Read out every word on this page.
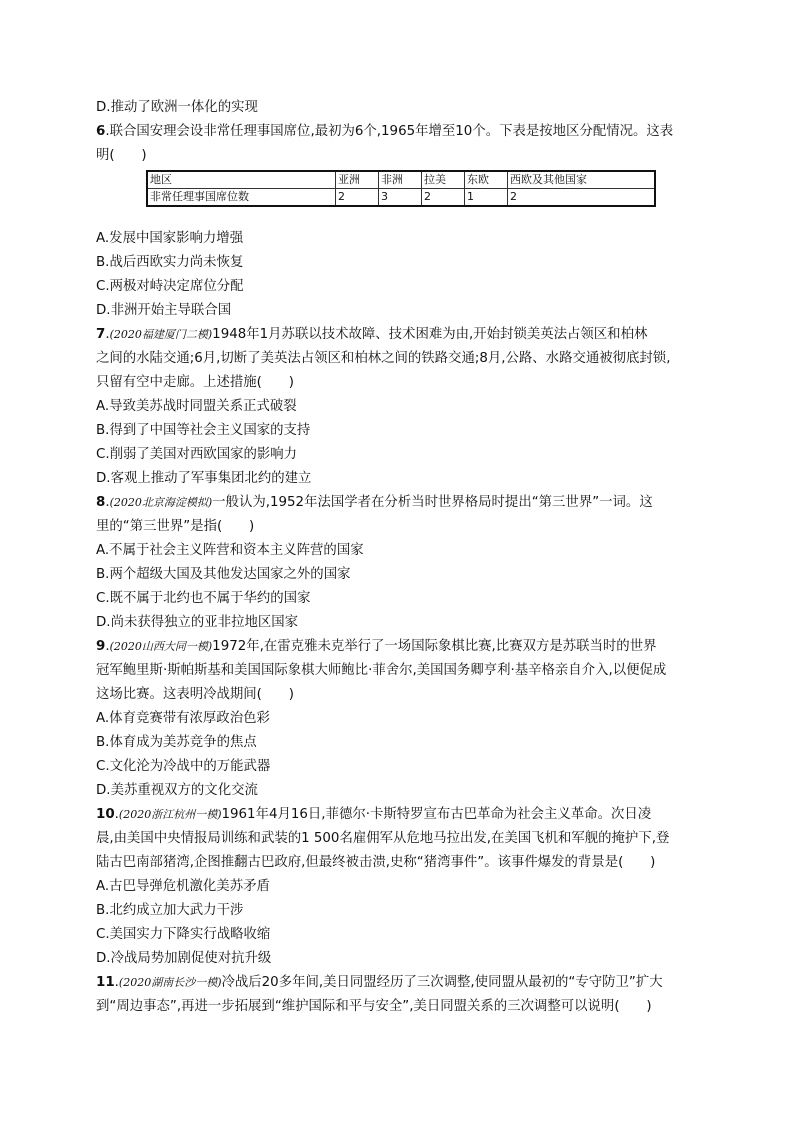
D.推动了欧洲一体化的实现
6.联合国安理会设非常任理事国席位,最初为6个,1965年增至10个。下表是按地区分配情况。这表
明(　　)
地区	亚洲	非洲	拉美	东欧	西欧及其他国家
非常任理事国席位数	2	3	2	1	2
A.发展中国家影响力增强
B.战后西欧实力尚未恢复
C.两极对峙决定席位分配
D.非洲开始主导联合国
7.(2020福建厦门二模)1948年1月苏联以技术故障、技术困难为由,开始封锁美英法占领区和柏林
之间的水陆交通;6月,切断了美英法占领区和柏林之间的铁路交通;8月,公路、水路交通被彻底封锁,
只留有空中走廊。上述措施(　　)
A.导致美苏战时同盟关系正式破裂
B.得到了中国等社会主义国家的支持
C.削弱了美国对西欧国家的影响力
D.客观上推动了军事集团北约的建立
8.(2020北京海淀模拟)一般认为,1952年法国学者在分析当时世界格局时提出“第三世界”一词。这
里的“第三世界”是指(　　)
A.不属于社会主义阵营和资本主义阵营的国家
B.两个超级大国及其他发达国家之外的国家
C.既不属于北约也不属于华约的国家
D.尚未获得独立的亚非拉地区国家
9.(2020山西大同一模)1972年,在雷克雅未克举行了一场国际象棋比赛,比赛双方是苏联当时的世界
冠军鲍里斯·斯帕斯基和美国国际象棋大师鲍比·菲舍尔,美国国务卿亨利·基辛格亲自介入,以便促成
这场比赛。这表明冷战期间(　　)
A.体育竞赛带有浓厚政治色彩
B.体育成为美苏竞争的焦点
C.文化沦为冷战中的万能武器
D.美苏重视双方的文化交流
10.(2020浙江杭州一模)1961年4月16日,菲德尔·卡斯特罗宣布古巴革命为社会主义革命。次日凌
晨,由美国中央情报局训练和武装的1 500名雇佣军从危地马拉出发,在美国飞机和军舰的掩护下,登
陆古巴南部猪湾,企图推翻古巴政府,但最终被击溃,史称“猪湾事件”。该事件爆发的背景是(　　)
A.古巴导弹危机激化美苏矛盾
B.北约成立加大武力干涉
C.美国实力下降实行战略收缩
D.冷战局势加剧促使对抗升级
11.(2020湖南长沙一模)冷战后20多年间,美日同盟经历了三次调整,使同盟从最初的“专守防卫”扩大
到“周边事态”,再进一步拓展到“维护国际和平与安全”,美日同盟关系的三次调整可以说明(　　)
